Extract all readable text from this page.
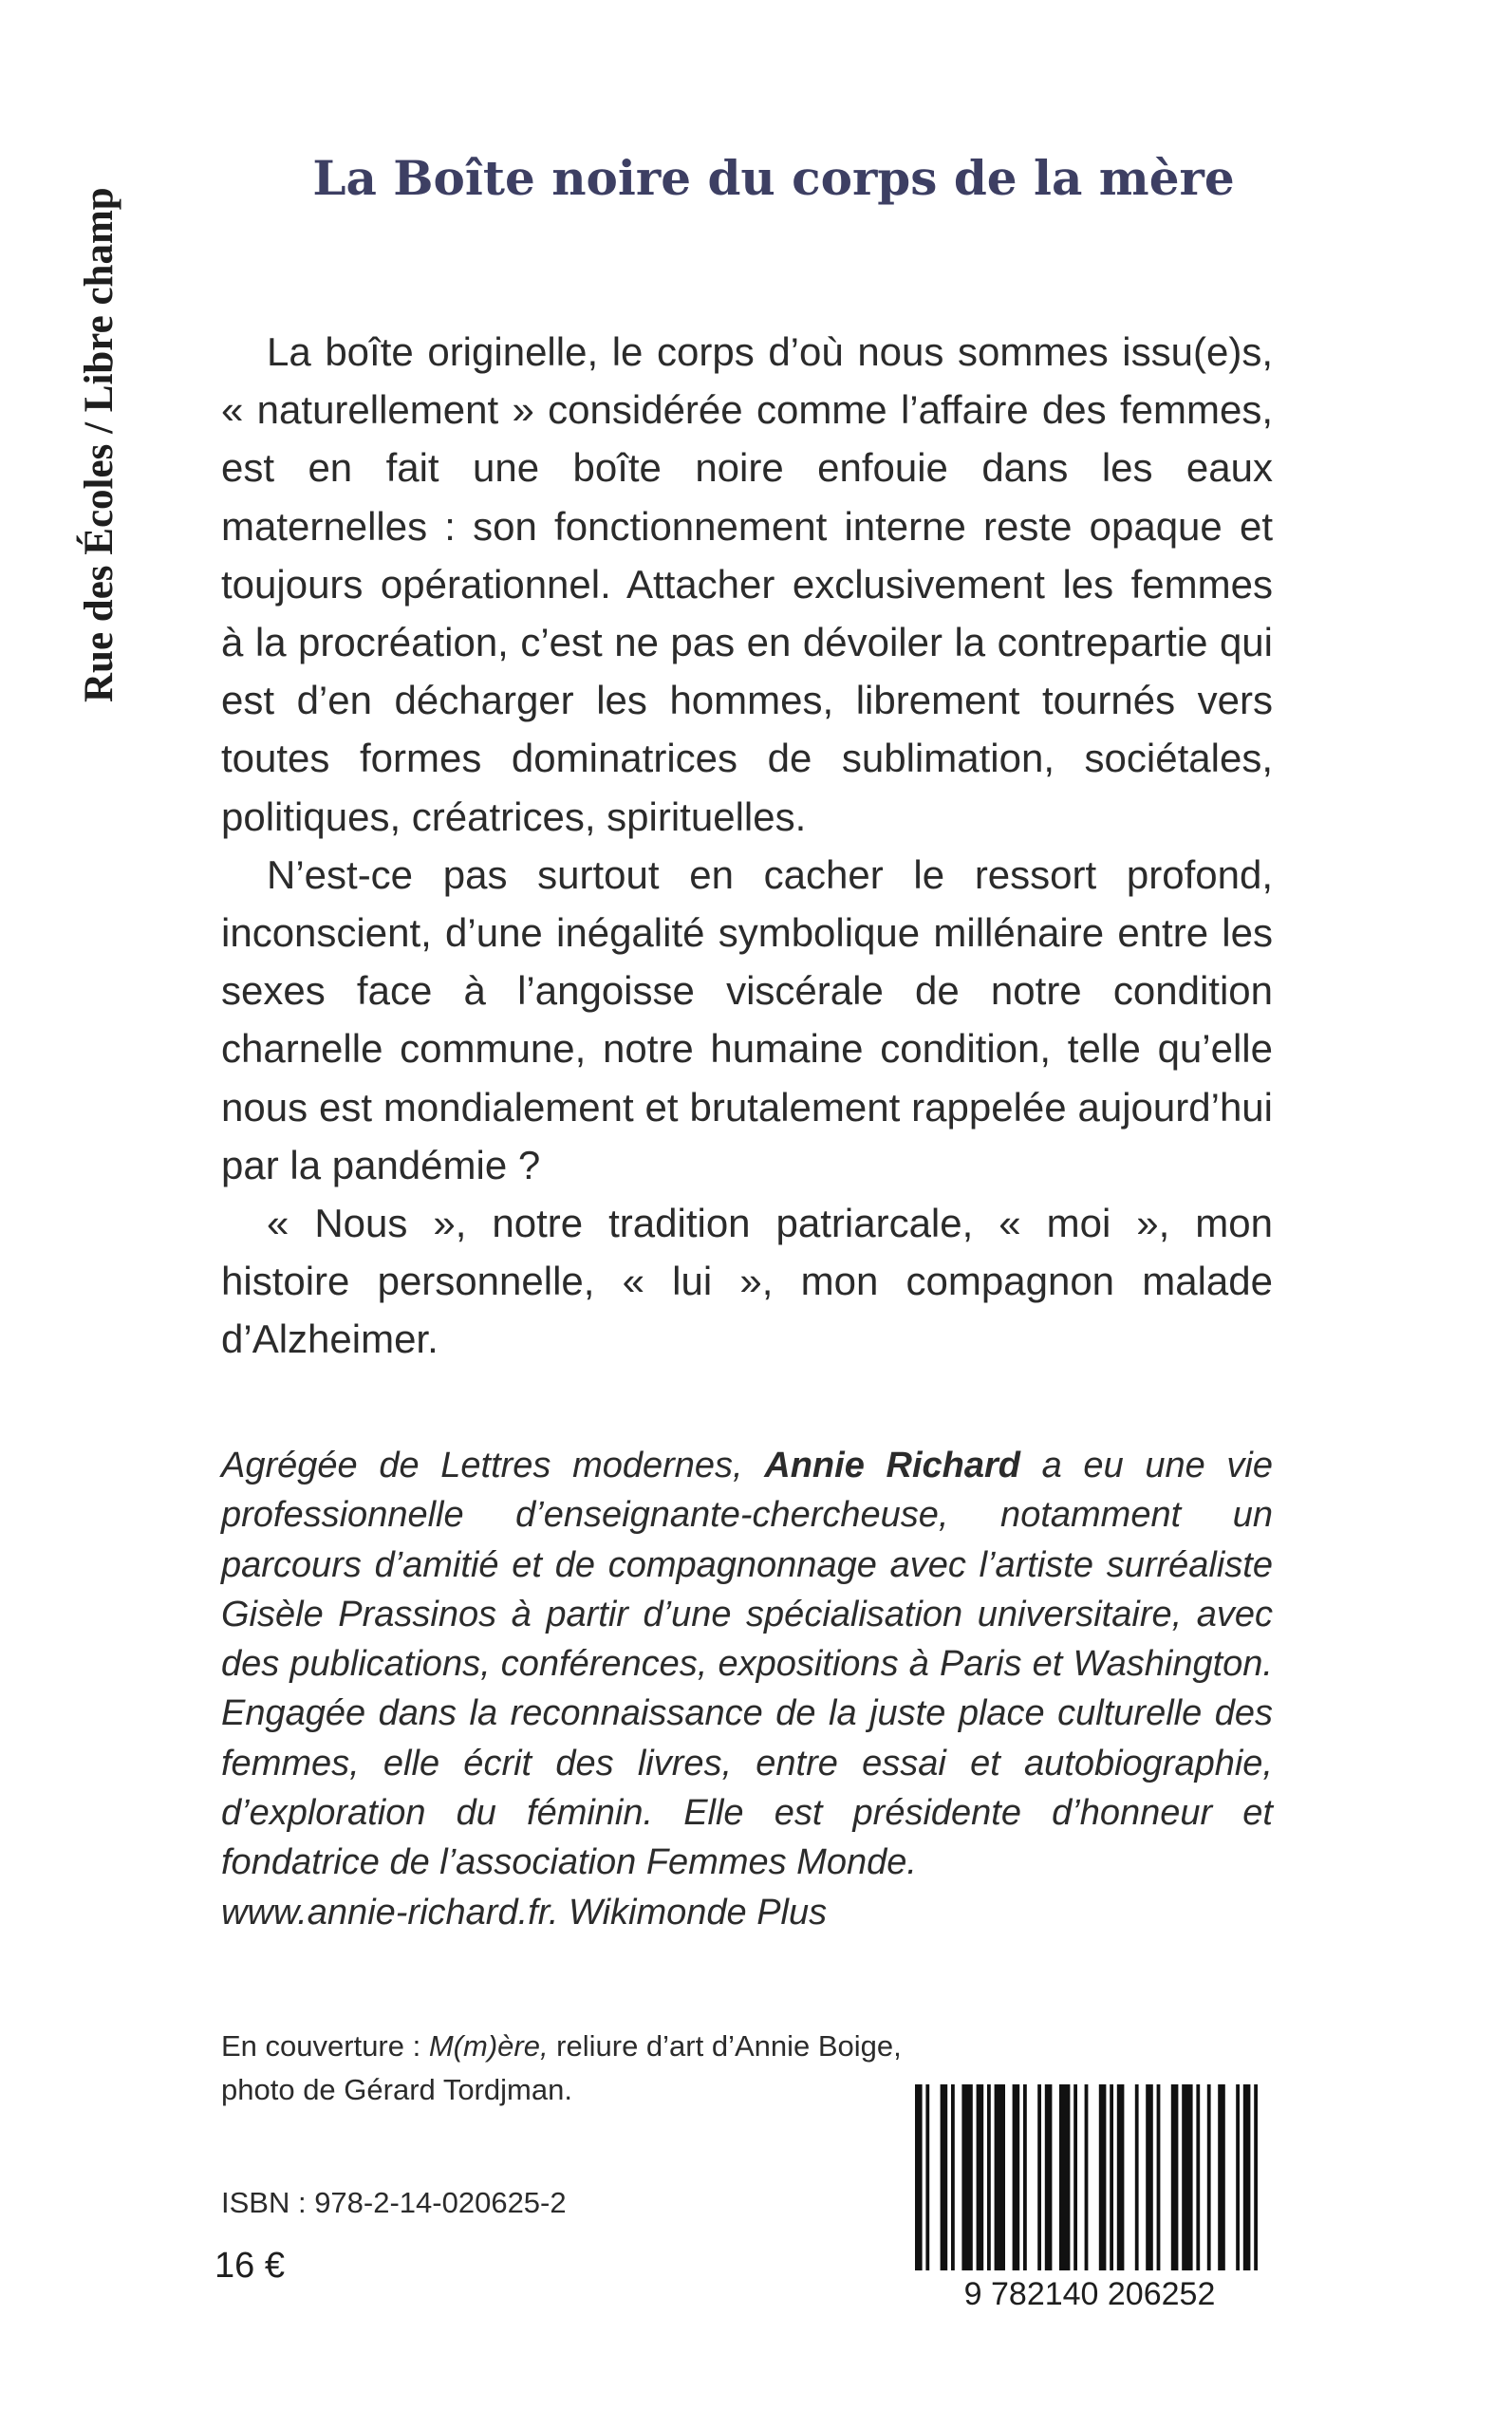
Rue des Écoles / Libre champ
La Boîte noire du corps de la mère

La boîte originelle, le corps d’où nous sommes issu(e)s, « naturellement » considérée comme l’affaire des femmes, est en fait une boîte noire enfouie dans les eaux maternelles : son fonctionnement interne reste opaque et toujours opérationnel. Attacher exclusivement les femmes à la procréation, c’est ne pas en dévoiler la contrepartie qui est d’en décharger les hommes, librement tournés vers toutes formes dominatrices de sublimation, sociétales, politiques, créatrices, spirituelles.

N’est-ce pas surtout en cacher le ressort profond, inconscient, d’une inégalité symbolique millénaire entre les sexes face à l’angoisse viscérale de notre condition charnelle commune, notre humaine condition, telle qu’elle nous est mondialement et brutalement rappelée aujourd’hui par la pandémie ?

« Nous », notre tradition patriarcale, « moi », mon histoire personnelle, « lui », mon compagnon malade d’Alzheimer.

Agrégée de Lettres modernes, Annie Richard a eu une vie professionnelle d’enseignante-chercheuse, notamment un parcours d’amitié et de compagnonnage avec l’artiste surréaliste Gisèle Prassinos à partir d’une spécialisation universitaire, avec des publications, conférences, expositions à Paris et Washington. Engagée dans la reconnaissance de la juste place culturelle des femmes, elle écrit des livres, entre essai et autobiographie, d’exploration du féminin. Elle est présidente d’honneur et fondatrice de l’association Femmes Monde.
www.annie-richard.fr. Wikimonde Plus
En couverture : M(m)ère, reliure d’art d’Annie Boige,
photo de Gérard Tordjman.
ISBN : 978-2-14-020625-2
16 €
9 782140 206252
